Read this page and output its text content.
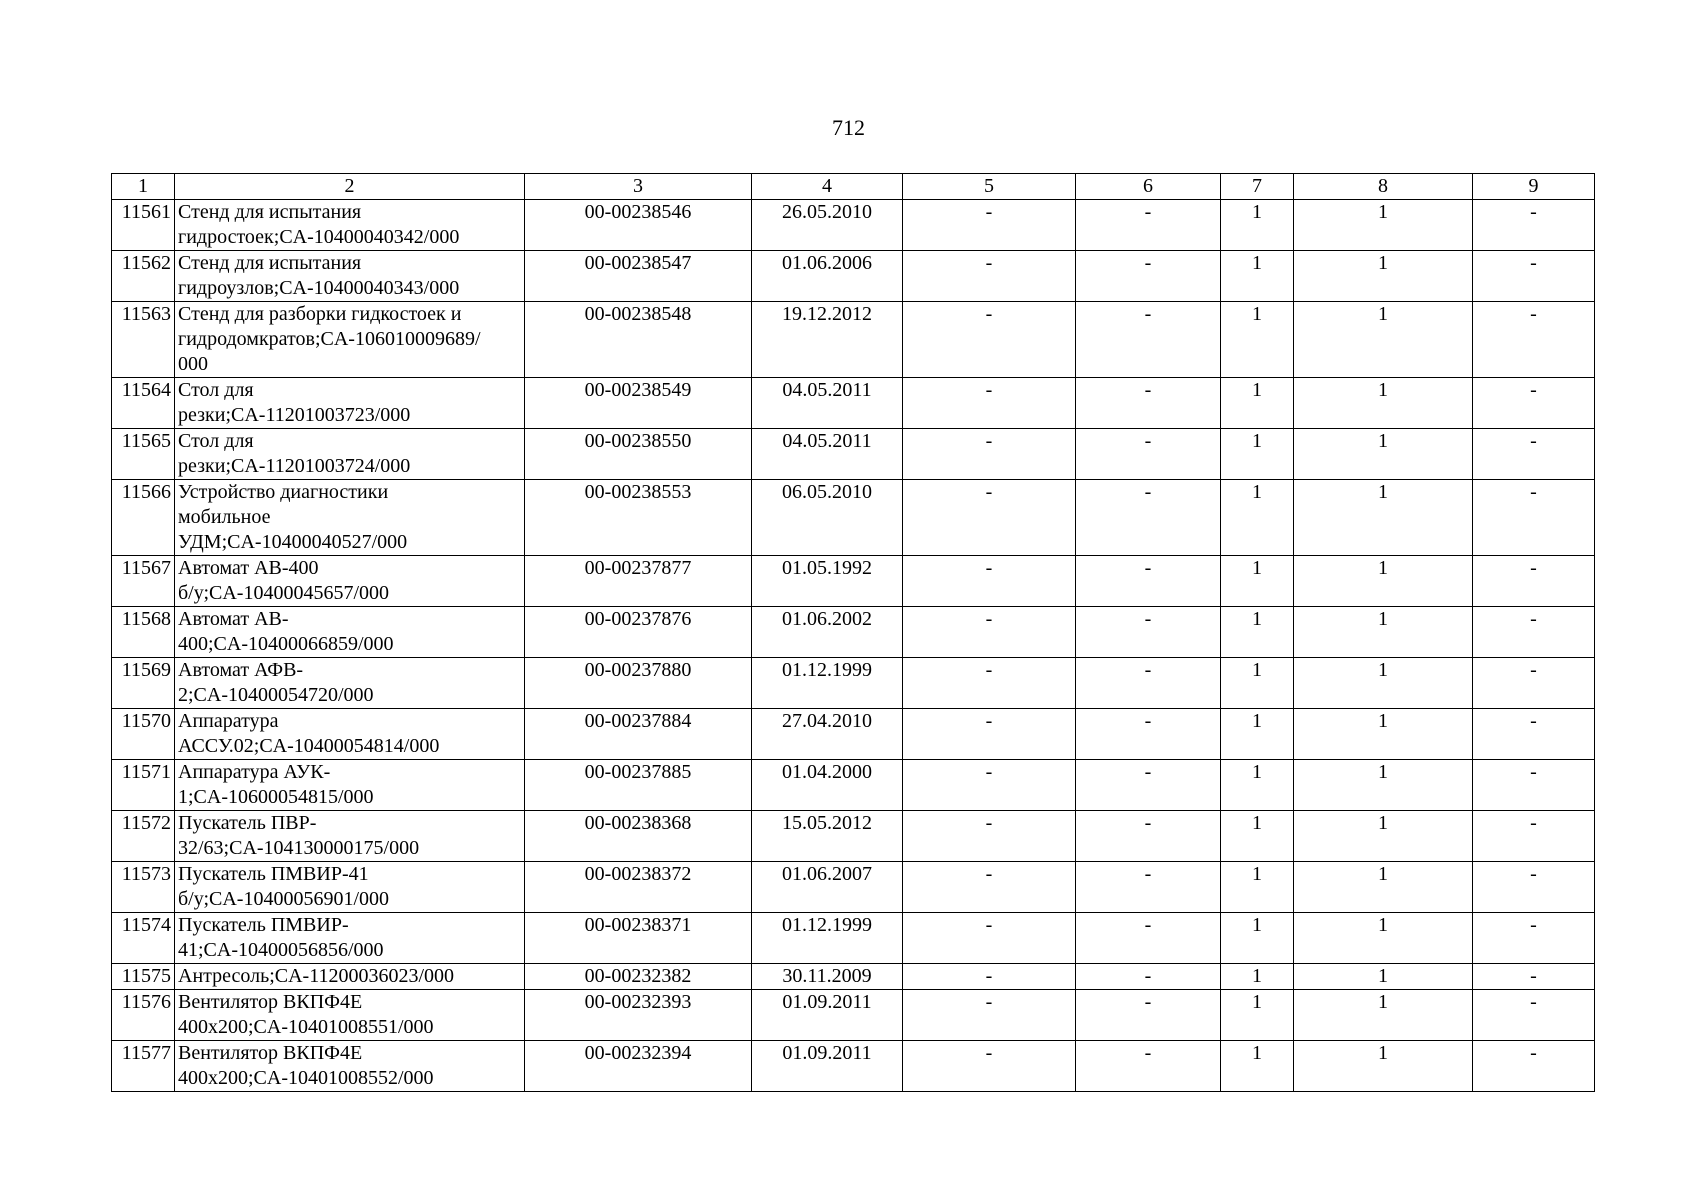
712
1	2	3	4	5	6	7	8	9
11561	Стенд для испытания
гидростоек;CA-10400040342/000	00-00238546	26.05.2010	-	-	1	1	-
11562	Стенд для испытания
гидроузлов;CA-10400040343/000	00-00238547	01.06.2006	-	-	1	1	-
11563	Стенд для разборки гидкостоек и
гидродомкратов;CA-106010009689/
000	00-00238548	19.12.2012	-	-	1	1	-
11564	Стол для
резки;CA-11201003723/000	00-00238549	04.05.2011	-	-	1	1	-
11565	Стол для
резки;CA-11201003724/000	00-00238550	04.05.2011	-	-	1	1	-
11566	Устройство диагностики
мобильное
УДМ;CA-10400040527/000	00-00238553	06.05.2010	-	-	1	1	-
11567	Автомат АВ-400
б/у;CA-10400045657/000	00-00237877	01.05.1992	-	-	1	1	-
11568	Автомат АВ-
400;CA-10400066859/000	00-00237876	01.06.2002	-	-	1	1	-
11569	Автомат АФВ-
2;CA-10400054720/000	00-00237880	01.12.1999	-	-	1	1	-
11570	Аппаратура
АССУ.02;CA-10400054814/000	00-00237884	27.04.2010	-	-	1	1	-
11571	Аппаратура АУК-
1;CA-10600054815/000	00-00237885	01.04.2000	-	-	1	1	-
11572	Пускатель ПВР-
32/63;CA-104130000175/000	00-00238368	15.05.2012	-	-	1	1	-
11573	Пускатель ПМВИР-41
б/у;CA-10400056901/000	00-00238372	01.06.2007	-	-	1	1	-
11574	Пускатель ПМВИР-
41;CA-10400056856/000	00-00238371	01.12.1999	-	-	1	1	-
11575	Антресоль;CA-11200036023/000	00-00232382	30.11.2009	-	-	1	1	-
11576	Вентилятор ВКПФ4Е
400х200;CA-10401008551/000	00-00232393	01.09.2011	-	-	1	1	-
11577	Вентилятор ВКПФ4Е
400х200;CA-10401008552/000	00-00232394	01.09.2011	-	-	1	1	-
